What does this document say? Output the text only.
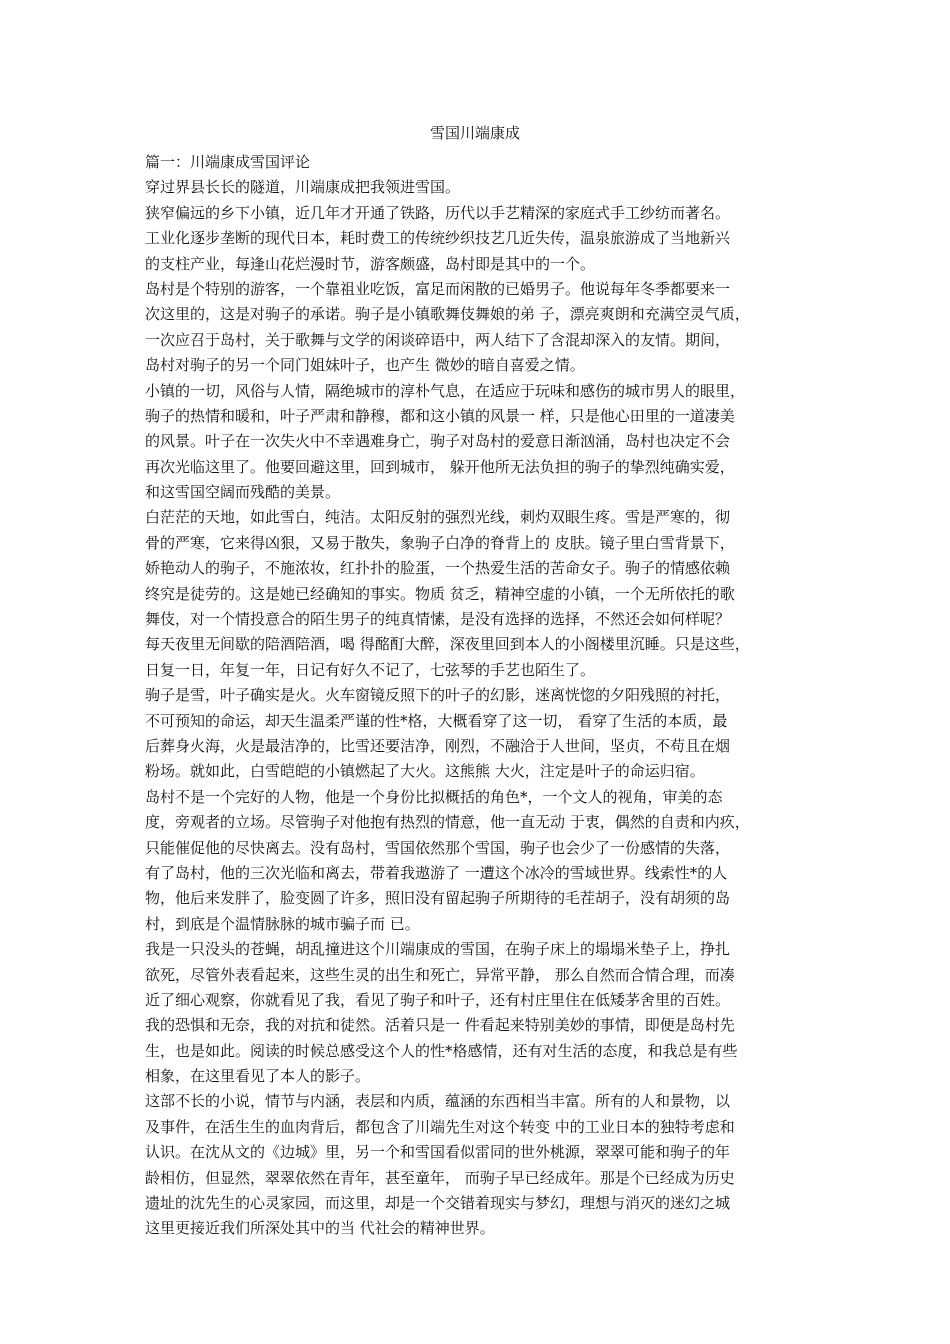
雪国川端康成
篇一：川端康成雪国评论
穿过界县长长的隧道，川端康成把我领进雪国。
狭窄偏远的乡下小镇，近几年才开通了铁路，历代以手艺精深的家庭式手工纱纺而著名。
工业化逐步垄断的现代日本，耗时费工的传统纱织技艺几近失传，温泉旅游成了当地新兴
的支柱产业，每逢山花烂漫时节，游客颇盛，岛村即是其中的一个。
岛村是个特别的游客，一个靠祖业吃饭，富足而闲散的已婚男子。他说每年冬季都要来一
次这里的，这是对驹子的承诺。驹子是小镇歌舞伎舞娘的弟 子，漂亮爽朗和充满空灵气质，
一次应召于岛村，关于歌舞与文学的闲谈碎语中，两人结下了含混却深入的友情。期间，
岛村对驹子的另一个同门姐妹叶子，也产生 微妙的暗自喜爱之情。
小镇的一切，风俗与人情，隔绝城市的淳朴气息，在适应于玩味和感伤的城市男人的眼里，
驹子的热情和暖和，叶子严肃和静穆，都和这小镇的风景一 样，只是他心田里的一道凄美
的风景。叶子在一次失火中不幸遇难身亡，驹子对岛村的爱意日渐汹涌，岛村也决定不会
再次光临这里了。他要回避这里，回到城市， 躲开他所无法负担的驹子的挚烈纯确实爱，
和这雪国空阔而残酷的美景。
白茫茫的天地，如此雪白，纯洁。太阳反射的强烈光线，刺灼双眼生疼。雪是严寒的，彻
骨的严寒，它来得凶狠，又易于散失，象驹子白净的脊背上的 皮肤。镜子里白雪背景下，
娇艳动人的驹子，不施浓妆，红扑扑的脸蛋，一个热爱生活的苦命女子。驹子的情感依赖
终究是徒劳的。这是她已经确知的事实。物质 贫乏，精神空虚的小镇，一个无所依托的歌
舞伎，对一个情投意合的陌生男子的纯真情愫，是没有选择的选择，不然还会如何样呢？
每天夜里无间歇的陪酒陪酒，喝 得酩酊大醉，深夜里回到本人的小阁楼里沉睡。只是这些，
日复一日，年复一年，日记有好久不记了，七弦琴的手艺也陌生了。
驹子是雪，叶子确实是火。火车窗镜反照下的叶子的幻影，迷离恍惚的夕阳残照的衬托，
不可预知的命运，却天生温柔严谨的性*格，大概看穿了这一切， 看穿了生活的本质，最
后葬身火海，火是最洁净的，比雪还要洁净，刚烈，不融洽于人世间，坚贞，不苟且在烟
粉场。就如此，白雪皑皑的小镇燃起了大火。这熊熊 大火，注定是叶子的命运归宿。
岛村不是一个完好的人物，他是一个身份比拟概括的角色*，一个文人的视角，审美的态
度，旁观者的立场。尽管驹子对他抱有热烈的情意，他一直无动 于衷，偶然的自责和内疚，
只能催促他的尽快离去。没有岛村，雪国依然那个雪国，驹子也会少了一份感情的失落，
有了岛村，他的三次光临和离去，带着我遨游了 一遭这个冰冷的雪域世界。线索性*的人
物，他后来发胖了，脸变圆了许多，照旧没有留起驹子所期待的毛茬胡子，没有胡须的岛
村，到底是个温情脉脉的城市骗子而 已。
我是一只没头的苍蝇，胡乱撞进这个川端康成的雪国，在驹子床上的塌塌米垫子上，挣扎
欲死，尽管外表看起来，这些生灵的出生和死亡，异常平静， 那么自然而合情合理，而凑
近了细心观察，你就看见了我，看见了驹子和叶子，还有村庄里住在低矮茅舍里的百姓。
我的恐惧和无奈，我的对抗和徒然。活着只是一 件看起来特别美妙的事情，即便是岛村先
生，也是如此。阅读的时候总感受这个人的性*格感情，还有对生活的态度，和我总是有些
相象，在这里看见了本人的影子。
这部不长的小说，情节与内涵，表层和内质，蕴涵的东西相当丰富。所有的人和景物，以
及事件，在活生生的血肉背后，都包含了川端先生对这个转变 中的工业日本的独特考虑和
认识。在沈从文的《边城》里，另一个和雪国看似雷同的世外桃源，翠翠可能和驹子的年
龄相仿，但显然，翠翠依然在青年，甚至童年， 而驹子早已经成年。那是个已经成为历史
遗址的沈先生的心灵家园，而这里，却是一个交错着现实与梦幻，理想与消灭的迷幻之城
这里更接近我们所深处其中的当 代社会的精神世界。
